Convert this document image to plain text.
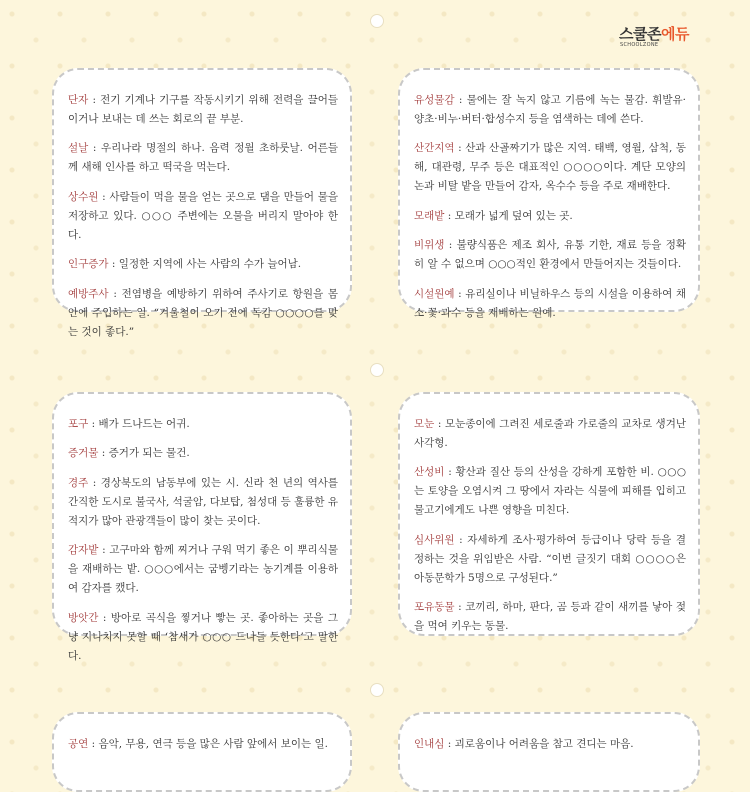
스쿨존에듀
SCHOOLZONE

단자 : 전기 기계나 기구를 작동시키기 위해 전력을 끌어들이거나 보내는 데 쓰는 회로의 끝 부분.

설날 : 우리나라 명절의 하나. 음력 정월 초하룻날. 어른들께 새해 인사를 하고 떡국을 먹는다.

상수원 : 사람들이 먹을 물을 얻는 곳으로 댐을 만들어 물을 저장하고 있다. ○○○ 주변에는 오물을 버리지 말아야 한다.

인구증가 : 일정한 지역에 사는 사람의 수가 늘어남.

예방주사 : 전염병을 예방하기 위하여 주사기로 항원을 몸 안에 주입하는 일. “겨울철이 오기 전에 독감 ○○○○를 맞는 것이 좋다.”

유성물감 : 물에는 잘 녹지 않고 기름에 녹는 물감. 휘발유·양초·비누·버터·합성수지 등을 염색하는 데에 쓴다.

산간지역 : 산과 산골짜기가 많은 지역. 태백, 영월, 삼척, 동해, 대관령, 무주 등은 대표적인 ○○○○이다. 계단 모양의 논과 비탈 밭을 만들어 감자, 옥수수 등을 주로 재배한다.

모래밭 : 모래가 넓게 덮여 있는 곳.

비위생 : 불량식품은 제조 회사, 유통 기한, 재료 등을 정확히 알 수 없으며 ○○○적인 환경에서 만들어지는 것들이다.

시설원예 : 유리실이나 비닐하우스 등의 시설을 이용하여 채소·꽃·과수 등을 재배하는 원예.

포구 : 배가 드나드는 어귀.

증거물 : 증거가 되는 물건.

경주 : 경상북도의 남동부에 있는 시. 신라 천 년의 역사를 간직한 도시로 불국사, 석굴암, 다보탑, 첨성대 등 훌륭한 유적지가 많아 관광객들이 많이 찾는 곳이다.

감자밭 : 고구마와 함께 찌거나 구워 먹기 좋은 이 뿌리식물을 재배하는 밭. ○○○에서는 굼벵기라는 농기계를 이용하여 감자를 캤다.

방앗간 : 방아로 곡식을 찧거나 빻는 곳. 좋아하는 곳을 그냥 지나치지 못할 때 ‘참새가 ○○○ 드나들 듯한다’고 말한다.

모눈 : 모눈종이에 그려진 세로줄과 가로줄의 교차로 생겨난 사각형.

산성비 : 황산과 질산 등의 산성을 강하게 포함한 비. ○○○는 토양을 오염시켜 그 땅에서 자라는 식물에 피해를 입히고 물고기에게도 나쁜 영향을 미친다.

심사위원 : 자세하게 조사·평가하여 등급이나 당락 등을 결정하는 것을 위임받은 사람. “이번 글짓기 대회 ○○○○은 아동문학가 5명으로 구성된다.”

포유동물 : 코끼리, 하마, 판다, 곰 등과 같이 새끼를 낳아 젖을 먹여 키우는 동물.

공연 : 음악, 무용, 연극 등을 많은 사람 앞에서 보이는 일.	인내심 : 괴로움이나 어려움을 참고 견디는 마음.
